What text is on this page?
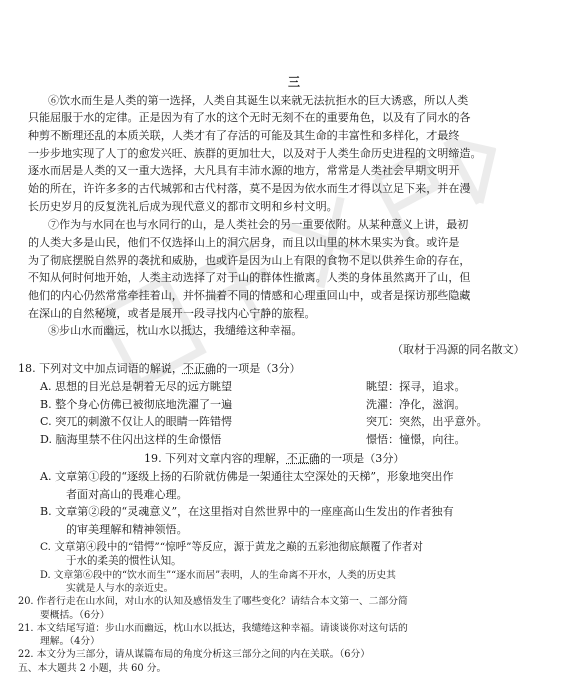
三
⑥饮水而生是人类的第一选择，人类自其诞生以来就无法抗拒水的巨大诱惑，所以人类
只能屈服于水的定律。正是因为有了水的这个无时无刻不在的重要角色，以及有了同水的各
种剪不断理还乱的本质关联，人类才有了存活的可能及其生命的丰富性和多样化，才最终
一步步地实现了人丁的愈发兴旺、族群的更加壮大，以及对于人类生命历史进程的文明缔造。
逐水而居是人类的又一重大选择，大凡具有丰沛水源的地方，常常是人类社会早期文明开
始的所在，许许多多的古代城郭和古代村落，莫不是因为依水而生才得以立足下来，并在漫
长历史岁月的反复洗礼后成为现代意义的都市文明和乡村文明。
⑦作为与水同在也与水同行的山，是人类社会的另一重要依附。从某种意义上讲，最初
的人类大多是山民，他们不仅选择山上的洞穴居身，而且以山里的林木果实为食。或许是
为了彻底摆脱自然界的袭扰和威胁，也或许是因为山上有限的食物不足以供养生命的存在，
不知从何时何地开始，人类主动选择了对于山的群体性撤离。人类的身体虽然离开了山，但
他们的内心仍然常常牵挂着山，并怀揣着不同的情感和心理重回山中，或者是探访那些隐藏
在深山的自然秘境，或者是展开一段寻找内心宁静的旅程。
⑧步山水而幽远，枕山水以抵达，我缱绻这种幸福。
（取材于冯源的同名散文）
18. 下列对文中加点词语的解说，不正确的一项是（3分）
A. 思想的目光总是朝着无尽的远方眺望	眺望：探寻，追求。
B. 整个身心仿佛已被彻底地洗濯了一遍	洗濯：净化，滋润。
C. 突兀的刺激不仅让人的眼睛一阵错愕	突兀：突然，出乎意外。
D. 脑海里禁不住闪出这样的生命憬悟	憬悟：憧憬，向往。
19. 下列对文章内容的理解，不正确的一项是（3分）
A. 文章第①段的“逐级上扬的石阶就仿佛是一架通往太空深处的天梯”，形象地突出作
者面对高山的畏难心理。
B. 文章第②段的“灵魂意义”，在这里指对自然世界中的一座座高山生发出的作者独有
的审美理解和精神领悟。
C. 文章第④段中的“错愕”“惊呼”等反应，源于黄龙之巅的五彩池彻底颠覆了作者对
于水的柔美的惯性认知。
D. 文章第⑥段中的“饮水而生”“逐水而居”表明，人的生命离不开水，人类的历史其
实就是人与水的亲近史。
20. 作者行走在山水间，对山水的认知及感悟发生了哪些变化？请结合本文第一、二部分简
要概括。（6分）
21. 本文结尾写道：步山水而幽远，枕山水以抵达，我缱绻这种幸福。请谈谈你对这句话的
理解。（4分）
22. 本文分为三部分，请从谋篇布局的角度分析这三部分之间的内在关联。（6分）
五、本大题共 2 小题，共 60 分。
